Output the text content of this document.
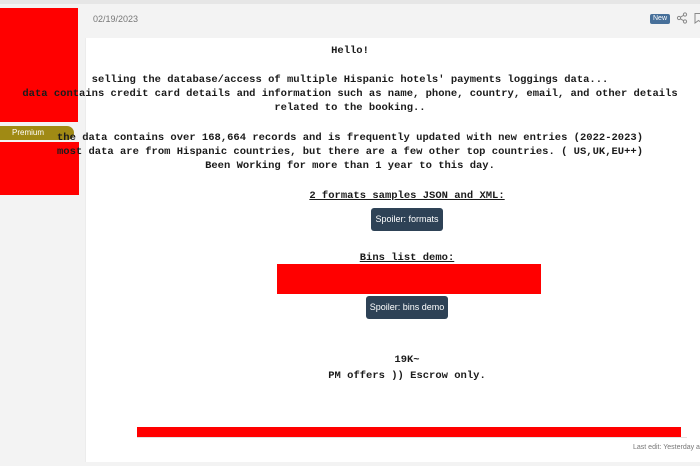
Premium
02/19/2023	New
Hello!
selling the database/access of multiple Hispanic hotels' payments loggings data...
data contains credit card details and information such as name, phone, country, email, and other details
related to the booking..
the data contains over 168,664 records and is frequently updated with new entries (2022-2023)
most data are from Hispanic countries, but there are a few other top countries. ( US,UK,EU++)
Been Working for more than 1 year to this day.
2 formats samples JSON and XML:
Spoiler: formats
Bins list demo:
Spoiler: bins demo
19K~
PM offers )) Escrow only.
Last edit: Yesterday a
